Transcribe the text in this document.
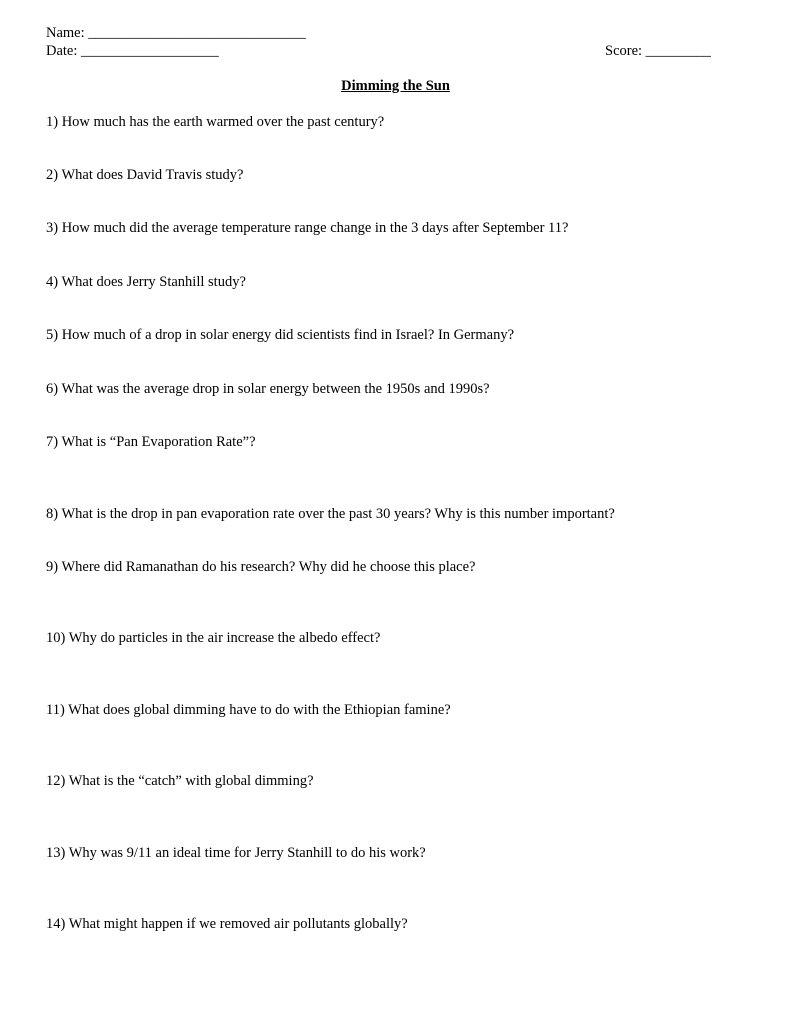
Name: ______________________________
Date: ___________________	Score: _________
Dimming the Sun
1) How much has the earth warmed over the past century?
2) What does David Travis study?
3) How much did the average temperature range change in the 3 days after September 11?
4) What does Jerry Stanhill study?
5) How much of a drop in solar energy did scientists find in Israel? In Germany?
6) What was the average drop in solar energy between the 1950s and 1990s?
7) What is “Pan Evaporation Rate”?
8) What is the drop in pan evaporation rate over the past 30 years? Why is this number important?
9) Where did Ramanathan do his research? Why did he choose this place?
10) Why do particles in the air increase the albedo effect?
11) What does global dimming have to do with the Ethiopian famine?
12) What is the “catch” with global dimming?
13) Why was 9/11 an ideal time for Jerry Stanhill to do his work?
14) What might happen if we removed air pollutants globally?
